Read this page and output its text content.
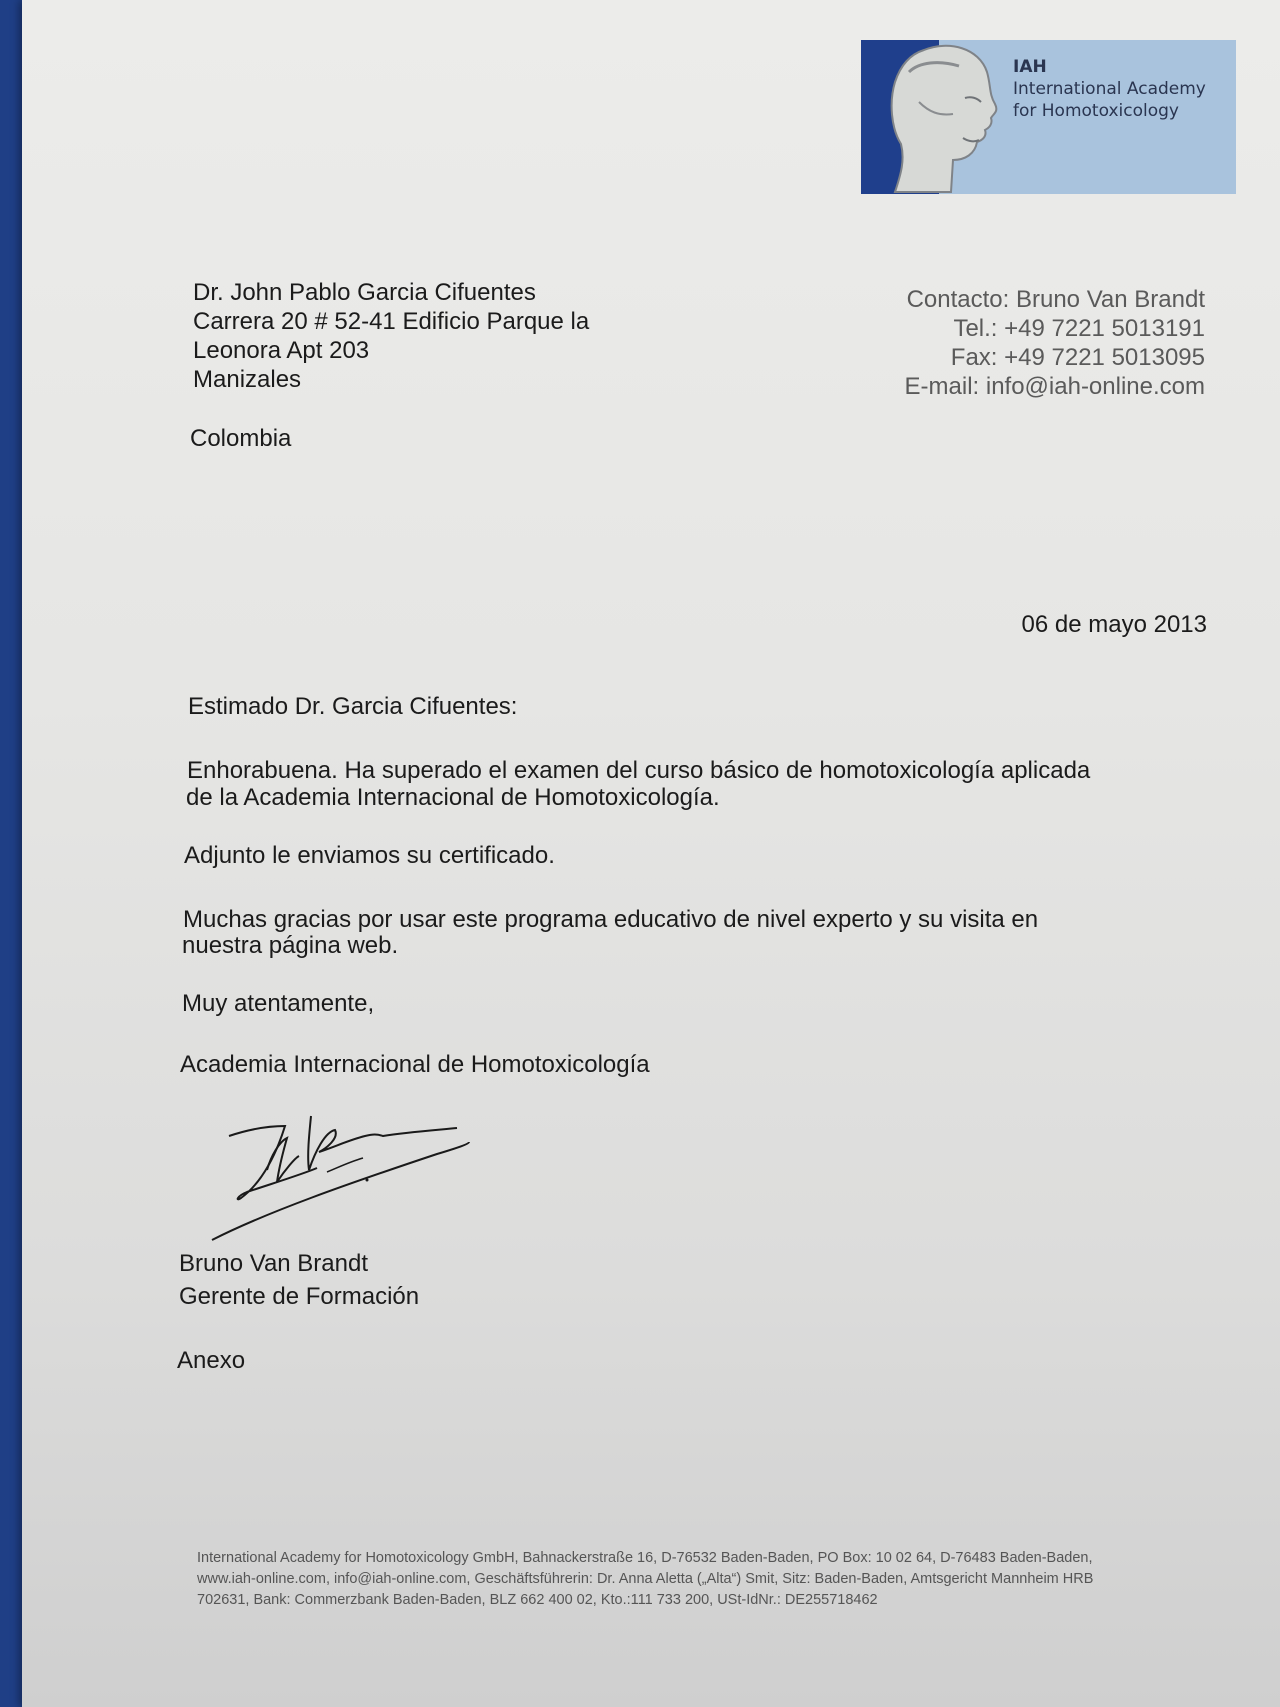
IAH
International Academy
for Homotoxicology
Dr. John Pablo Garcia Cifuentes
Carrera 20 # 52-41 Edificio Parque la
Leonora Apt 203
Manizales
Colombia
Contacto: Bruno Van Brandt
Tel.: +49 7221 5013191
Fax: +49 7221 5013095
E-mail: info@iah-online.com
06 de mayo 2013
Estimado Dr. Garcia Cifuentes:
Enhorabuena. Ha superado el examen del curso básico de homotoxicología aplicada
de la Academia Internacional de Homotoxicología.
Adjunto le enviamos su certificado.
Muchas gracias por usar este programa educativo de nivel experto y su visita en
nuestra página web.
Muy atentamente,
Academia Internacional de Homotoxicología
Bruno Van Brandt
Gerente de Formación
Anexo
International Academy for Homotoxicology GmbH, Bahnackerstraße 16, D-76532 Baden-Baden, PO Box: 10 02 64, D-76483 Baden-Baden,
www.iah-online.com, info@iah-online.com, Geschäftsführerin: Dr. Anna Aletta („Alta“) Smit, Sitz: Baden-Baden, Amtsgericht Mannheim HRB
702631, Bank: Commerzbank Baden-Baden, BLZ 662 400 02, Kto.:111 733 200, USt-IdNr.: DE255718462
